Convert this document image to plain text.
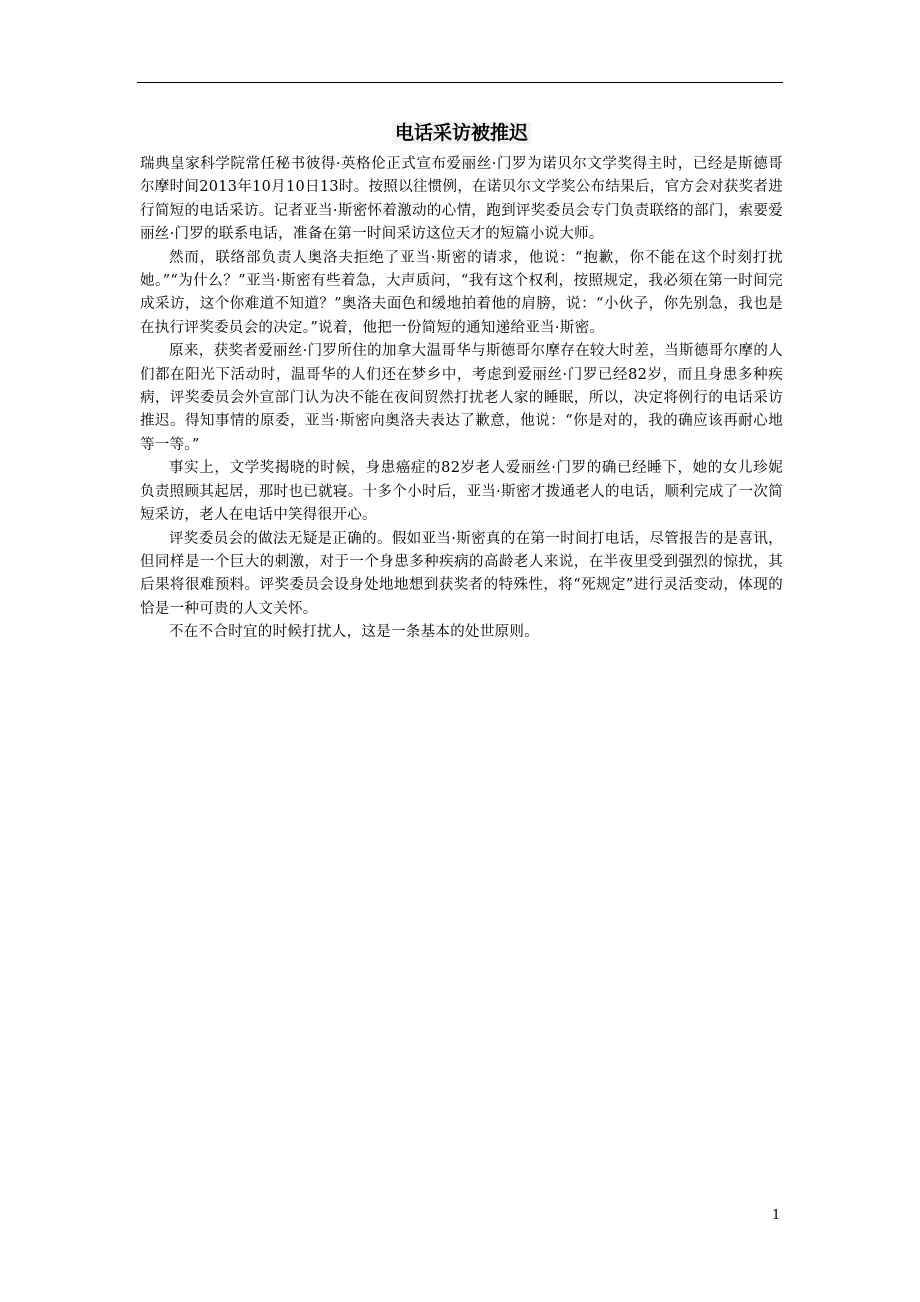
电话采访被推迟

瑞典皇家科学院常任秘书彼得·英格伦正式宣布爱丽丝·门罗为诺贝尔文学奖得主时，已经是斯德哥尔摩时间2013年10月10日13时。按照以往惯例，在诺贝尔文学奖公布结果后，官方会对获奖者进行简短的电话采访。记者亚当·斯密怀着激动的心情，跑到评奖委员会专门负责联络的部门，索要爱丽丝·门罗的联系电话，准备在第一时间采访这位天才的短篇小说大师。

然而，联络部负责人奥洛夫拒绝了亚当·斯密的请求，他说：“抱歉，你不能在这个时刻打扰她。”“为什么？”亚当·斯密有些着急，大声质问，“我有这个权利，按照规定，我必须在第一时间完成采访，这个你难道不知道？”奥洛夫面色和缓地拍着他的肩膀，说：“小伙子，你先别急，我也是在执行评奖委员会的决定。”说着，他把一份简短的通知递给亚当·斯密。

原来，获奖者爱丽丝·门罗所住的加拿大温哥华与斯德哥尔摩存在较大时差，当斯德哥尔摩的人们都在阳光下活动时，温哥华的人们还在梦乡中，考虑到爱丽丝·门罗已经82岁，而且身患多种疾病，评奖委员会外宣部门认为决不能在夜间贸然打扰老人家的睡眠，所以，决定将例行的电话采访推迟。得知事情的原委，亚当·斯密向奥洛夫表达了歉意，他说：“你是对的，我的确应该再耐心地等一等。”

事实上，文学奖揭晓的时候，身患癌症的82岁老人爱丽丝·门罗的确已经睡下，她的女儿珍妮负责照顾其起居，那时也已就寝。十多个小时后，亚当·斯密才拨通老人的电话，顺利完成了一次简短采访，老人在电话中笑得很开心。

评奖委员会的做法无疑是正确的。假如亚当·斯密真的在第一时间打电话，尽管报告的是喜讯，但同样是一个巨大的刺激，对于一个身患多种疾病的高龄老人来说，在半夜里受到强烈的惊扰，其后果将很难预料。评奖委员会设身处地地想到获奖者的特殊性，将“死规定”进行灵活变动，体现的恰是一种可贵的人文关怀。

不在不合时宜的时候打扰人，这是一条基本的处世原则。

1
